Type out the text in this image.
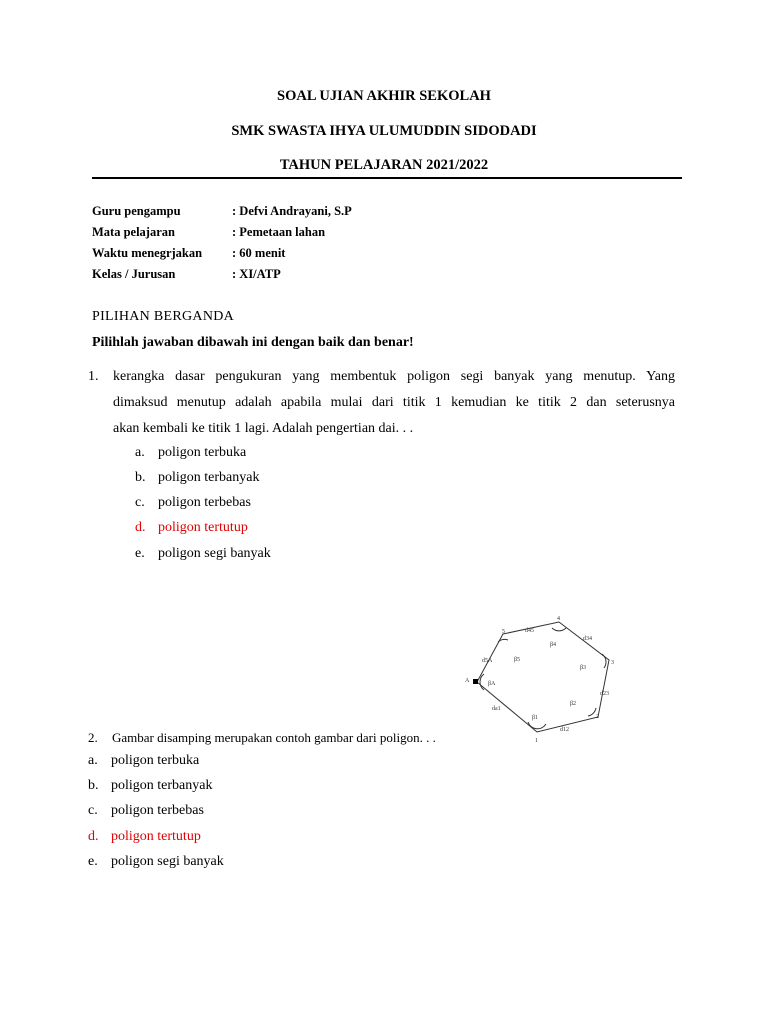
SOAL UJIAN AKHIR SEKOLAH
SMK SWASTA IHYA ULUMUDDIN SIDODADI
TAHUN PELAJARAN 2021/2022
Guru pengampu	: Defvi Andrayani, S.P
Mata pelajaran	: Pemetaan lahan
Waktu menegrjakan : 60 menit
Kelas / Jurusan	: XI/ATP
PILIHAN BERGANDA
Pilihlah jawaban dibawah ini dengan baik dan benar!
1. kerangka dasar pengukuran yang membentuk poligon segi banyak yang menutup. Yang
dimaksud menutup adalah apabila mulai dari titik 1 kemudian ke titik 2 dan seterusnya
akan kembali ke titik 1 lagi. Adalah pengertian dai. . .
a. poligon terbuka
b. poligon terbanyak
c. poligon terbebas
d. poligon tertutup
e. poligon segi banyak
A
1
2
3
4
5
da1
d12
d23
d34
d45
d5A
βA
β1
β2
β3
β4
β5
2. Gambar disamping merupakan contoh gambar dari poligon. . .
a. poligon terbuka
b. poligon terbanyak
c. poligon terbebas
d. poligon tertutup
e. poligon segi banyak
